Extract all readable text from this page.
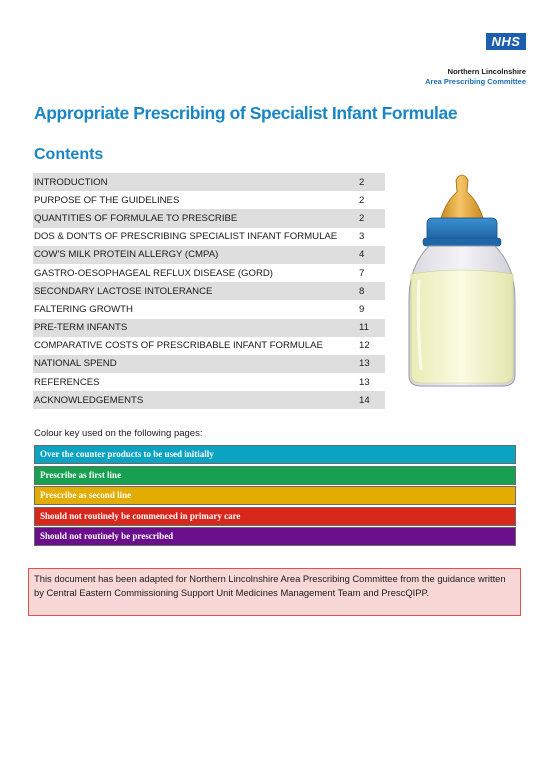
NHS
Northern Lincolnshire
Area Prescribing Committee
Appropriate Prescribing of Specialist Infant Formulae
Contents
INTRODUCTION	2
PURPOSE OF THE GUIDELINES	2
QUANTITIES OF FORMULAE TO PRESCRIBE	2
DOS & DON'TS OF PRESCRIBING SPECIALIST INFANT FORMULAE 3
COW'S MILK PROTEIN ALLERGY (CMPA)	4
GASTRO-OESOPHAGEAL REFLUX DISEASE (GORD)	7
SECONDARY LACTOSE INTOLERANCE	8
FALTERING GROWTH	9
PRE-TERM INFANTS	11
COMPARATIVE COSTS OF PRESCRIBABLE INFANT FORMULAE	12
NATIONAL SPEND	13
REFERENCES	13
ACKNOWLEDGEMENTS	14
Colour key used on the following pages:
Over the counter products to be used initially
Prescribe as first line
Prescribe as second line
Should not routinely be commenced in primary care
Should not routinely be prescribed
This document has been adapted for Northern Lincolnshire Area Prescribing Committee from the guidance written by Central Eastern Commissioning Support Unit Medicines Management Team and PrescQIPP.
